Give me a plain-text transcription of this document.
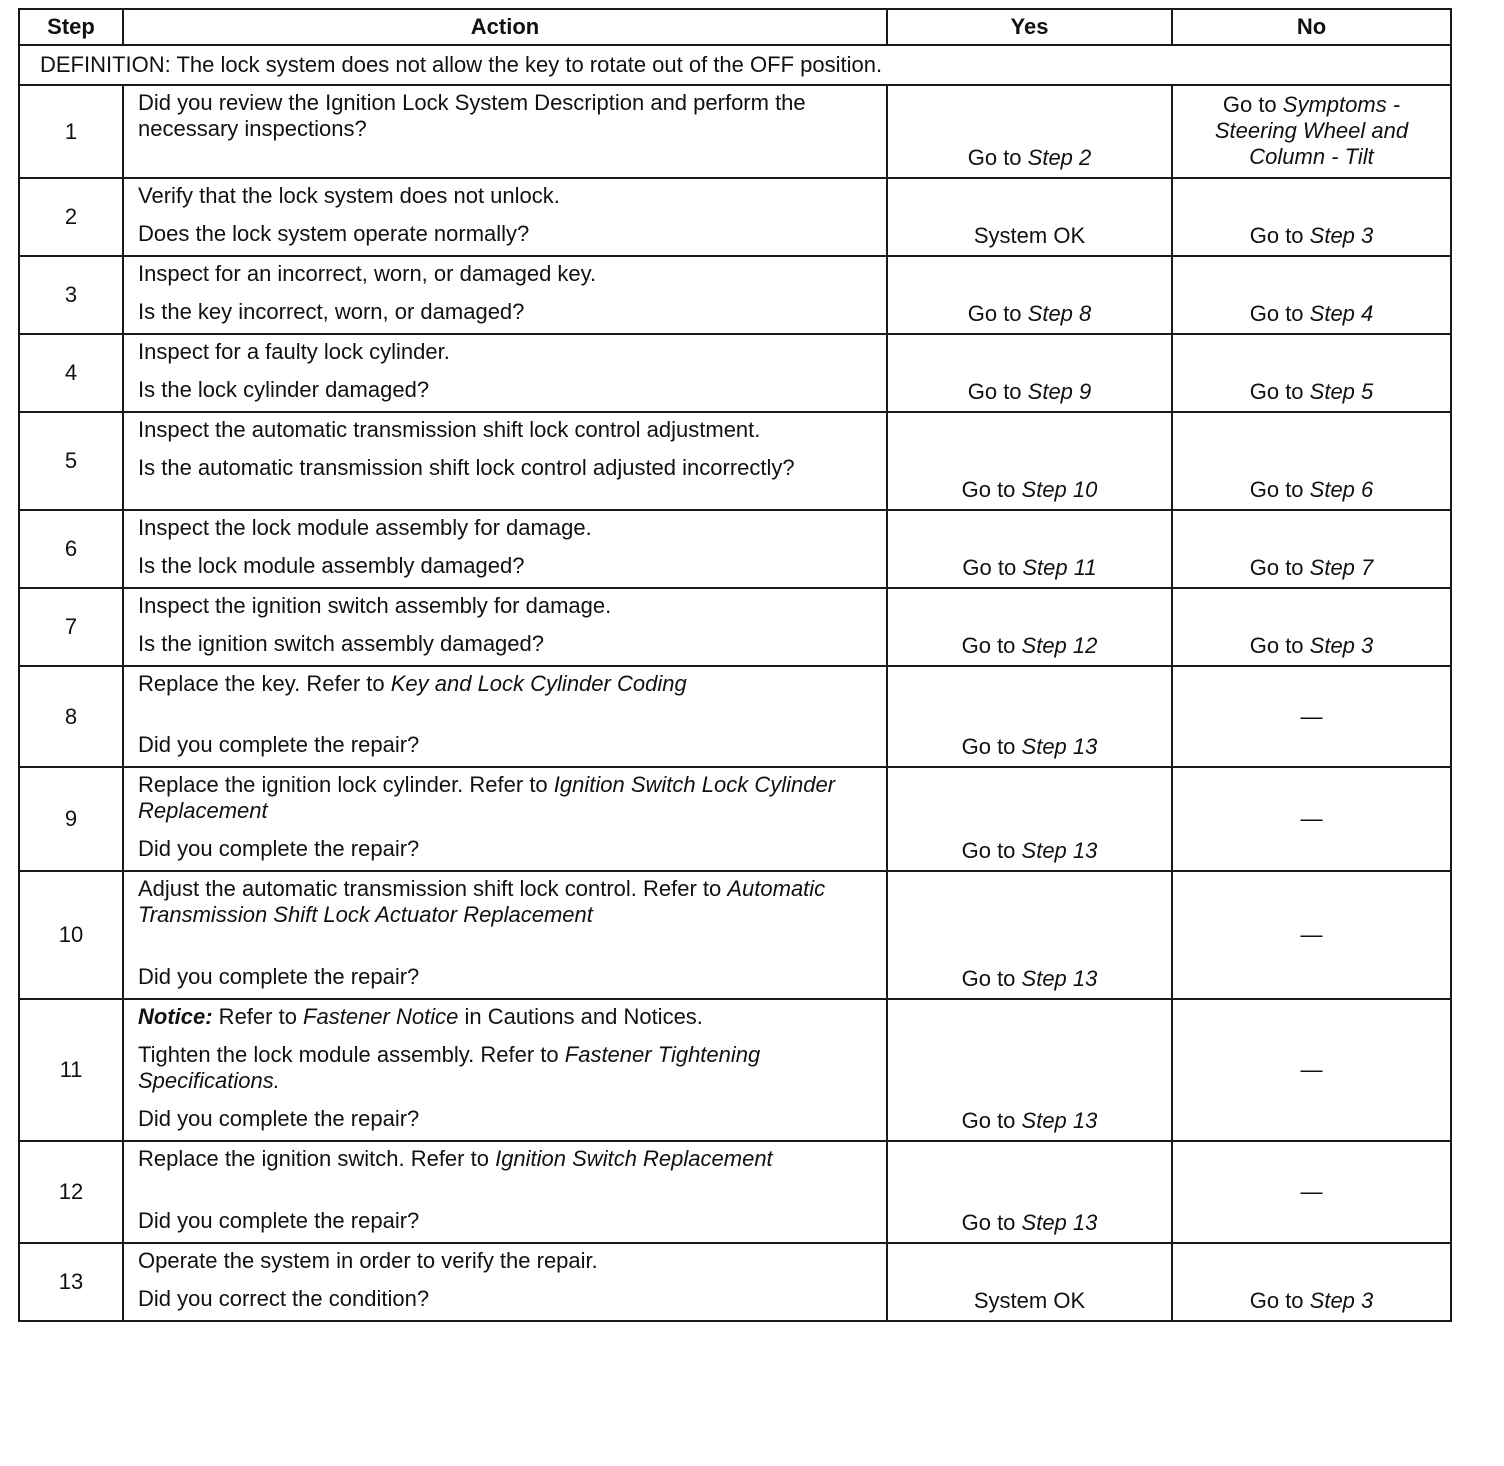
Step	Action	Yes	No
DEFINITION: The lock system does not allow the key to rotate out of the OFF position.			
1	Did you review the Ignition Lock System Description and perform the necessary inspections?	Go to Step 2	Go to Symptoms - Steering Wheel and Column - Tilt
2	Verify that the lock system does not unlock.
Does the lock system operate normally?	System OK	Go to Step 3
3	Inspect for an incorrect, worn, or damaged key.
Is the key incorrect, worn, or damaged?	Go to Step 8	Go to Step 4
4	Inspect for a faulty lock cylinder.
Is the lock cylinder damaged?	Go to Step 9	Go to Step 5
5	Inspect the automatic transmission shift lock control adjustment.
Is the automatic transmission shift lock control adjusted incorrectly?	Go to Step 10	Go to Step 6
6	Inspect the lock module assembly for damage.
Is the lock module assembly damaged?	Go to Step 11	Go to Step 7
7	Inspect the ignition switch assembly for damage.
Is the ignition switch assembly damaged?	Go to Step 12	Go to Step 3
8	Replace the key. Refer to Key and Lock Cylinder Coding
Did you complete the repair?	Go to Step 13	—
9	Replace the ignition lock cylinder. Refer to Ignition Switch Lock Cylinder Replacement
Did you complete the repair?	Go to Step 13	—
10	Adjust the automatic transmission shift lock control. Refer to Automatic Transmission Shift Lock Actuator Replacement
Did you complete the repair?	Go to Step 13	—
11	Notice: Refer to Fastener Notice in Cautions and Notices.
Tighten the lock module assembly. Refer to Fastener Tightening Specifications.
Did you complete the repair?	Go to Step 13	—
12	Replace the ignition switch. Refer to Ignition Switch Replacement
Did you complete the repair?	Go to Step 13	—
13	Operate the system in order to verify the repair.
Did you correct the condition?	System OK	Go to Step 3
